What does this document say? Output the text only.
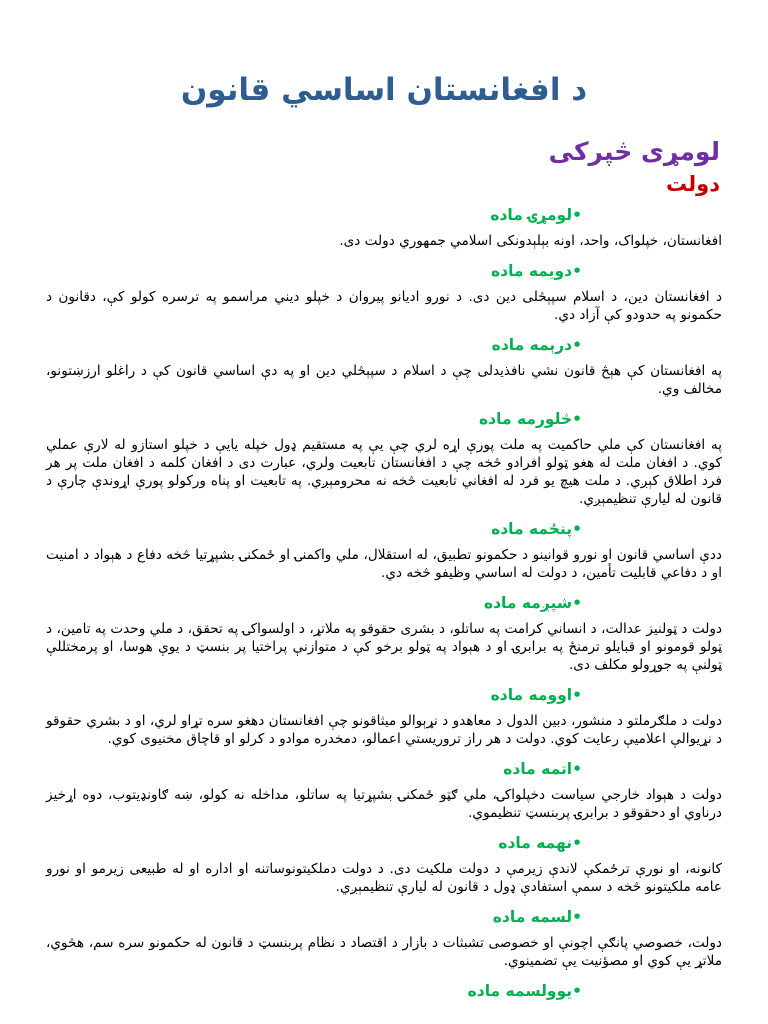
د افغانستان اساسي قانون
لومړی څپرکی
دولت
•لومړۍ ماده

افغانستان، خپلواک، واحد، اونه بېلېدونکی اسلامي جمهوري دولت دی.

•دويمه ماده

د افغانستان دين، د اسلام سپېڅلی دين دی. د نورو اديانو پيروان د خپلو ديني مراسمو په ترسره کولو کې، دقانون د حکمونو په حدودو کې آزاد دي.

•درېمه ماده

په افغانستان کې هېڅ قانون نشي نافذيدلی چې د اسلام د سپېڅلي دين او په دې اساسي قانون کې د راغلو ارزښتونو، مخالف وي.

•څلورمه ماده

په افغانستان کې ملي حاکميت په ملت پورې اړه لري چې يې په مستقيم ډول خپله يايې د خپلو استازو له لارې عملي کوي. د افغان ملت له هغو ټولو افرادو څخه چې د افغانستان تابعيت ولري، عبارت دی د افغان کلمه د افغان ملت پر هر فرد اطلاق کېږي. د ملت هيچ يو فرد له افغاني تابعيت څخه نه محرومېږي. په تابعيت او پناه ورکولو پورې اړوندې چارې د قانون له لیارې تنظيمېږي.

•پنځمه ماده

ددې اساسي قانون او نورو قوانينو د حکمونو تطبيق، له استقلال، ملي واکمنۍ او ځمکنۍ بشپړتيا څخه دفاع د هېواد د امنيت او د دفاعي قابليت تأمين، د دولت له اساسي وظيفو څخه دي.

•شپږمه ماده

دولت د ټولنيز عدالت، د انساني کرامت په ساتلو، د بشری حقوقو په ملاتړ، د اولسواکۍ په تحقق، د ملي وحدت په تامين، د ټولو قومونو او قبايلو ترمنځ په برابرۍ او د هېواد په ټولو برخو کې د متوازنې پراختيا پر بنسټ د يوې هوسا، او پرمختللې ټولنې په جوړولو مکلف دی.

•اوومه ماده

دولت د ملګرملتو د منشور، دبين الدول د معاهدو د نړېوالو ميثاقونو چې افغانستان دهغو سره تړاو لري، او د بشري حقوقو د نړيوالې اعلاميې رعايت کوي. دولت د هر راز تروريستي اعمالو، دمخدره موادو د کرلو او قاچاق مخنيوی کوي.

•اتمه ماده

دولت د هېواد خارجي سياست دخپلواکۍ، ملي ګټو ځمکنۍ بشپړتيا په ساتلو، مداخله نه کولو، ښه ګاونډيتوب، دوه اړخيز درناوي او دحقوقو د برابرۍ پربنسټ تنظيموي.

•نهمه ماده

کانونه، او نورې ترځمکې لاندې زيرمې د دولت ملکيت دی. د دولت دملکيتونوساتنه او اداره او له طبيعی زيرمو او نورو عامه ملکيتونو څخه د سمې استفادې ډول د قانون له لیارې تنظيمېږي.

•لسمه ماده

دولت، خصوصي پانګې اچونې او خصوصی تشبثات د بازار د اقتصاد د نظام پربنسټ د قانون له حکمونو سره سم، هڅوي، ملاتړ يې کوي او مصؤنيت يې تضمينوي.

•يوولسمه ماده
